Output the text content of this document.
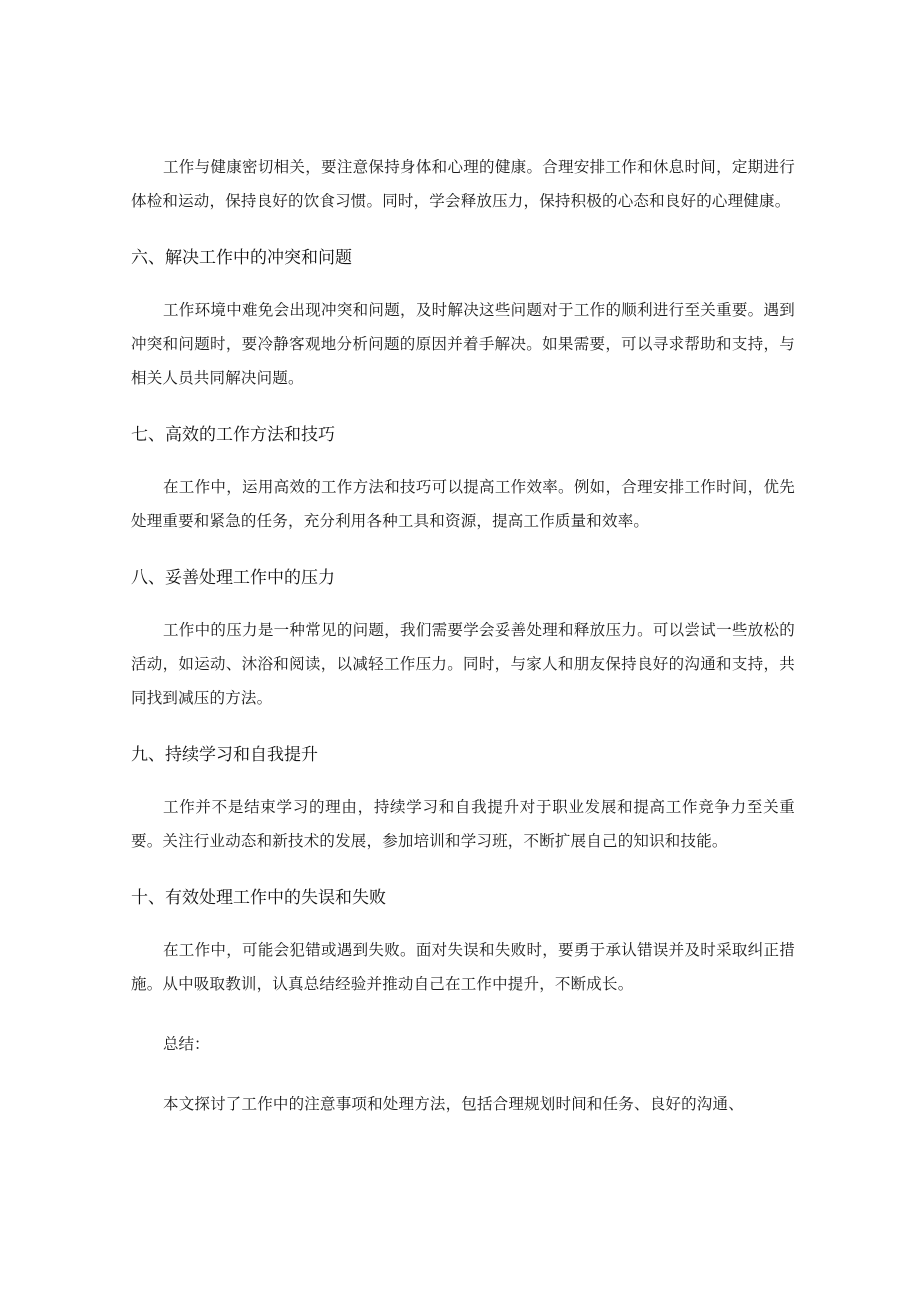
工作与健康密切相关，要注意保持身体和心理的健康。合理安排工作和休息时间，定期进行体检和运动，保持良好的饮食习惯。同时，学会释放压力，保持积极的心态和良好的心理健康。

六、解决工作中的冲突和问题

工作环境中难免会出现冲突和问题，及时解决这些问题对于工作的顺利进行至关重要。遇到冲突和问题时，要冷静客观地分析问题的原因并着手解决。如果需要，可以寻求帮助和支持，与相关人员共同解决问题。

七、高效的工作方法和技巧

在工作中，运用高效的工作方法和技巧可以提高工作效率。例如，合理安排工作时间，优先处理重要和紧急的任务，充分利用各种工具和资源，提高工作质量和效率。

八、妥善处理工作中的压力

工作中的压力是一种常见的问题，我们需要学会妥善处理和释放压力。可以尝试一些放松的活动，如运动、沐浴和阅读，以减轻工作压力。同时，与家人和朋友保持良好的沟通和支持，共同找到减压的方法。

九、持续学习和自我提升

工作并不是结束学习的理由，持续学习和自我提升对于职业发展和提高工作竞争力至关重要。关注行业动态和新技术的发展，参加培训和学习班，不断扩展自己的知识和技能。

十、有效处理工作中的失误和失败

在工作中，可能会犯错或遇到失败。面对失误和失败时，要勇于承认错误并及时采取纠正措施。从中吸取教训，认真总结经验并推动自己在工作中提升，不断成长。

总结：

本文探讨了工作中的注意事项和处理方法，包括合理规划时间和任务、良好的沟通、
